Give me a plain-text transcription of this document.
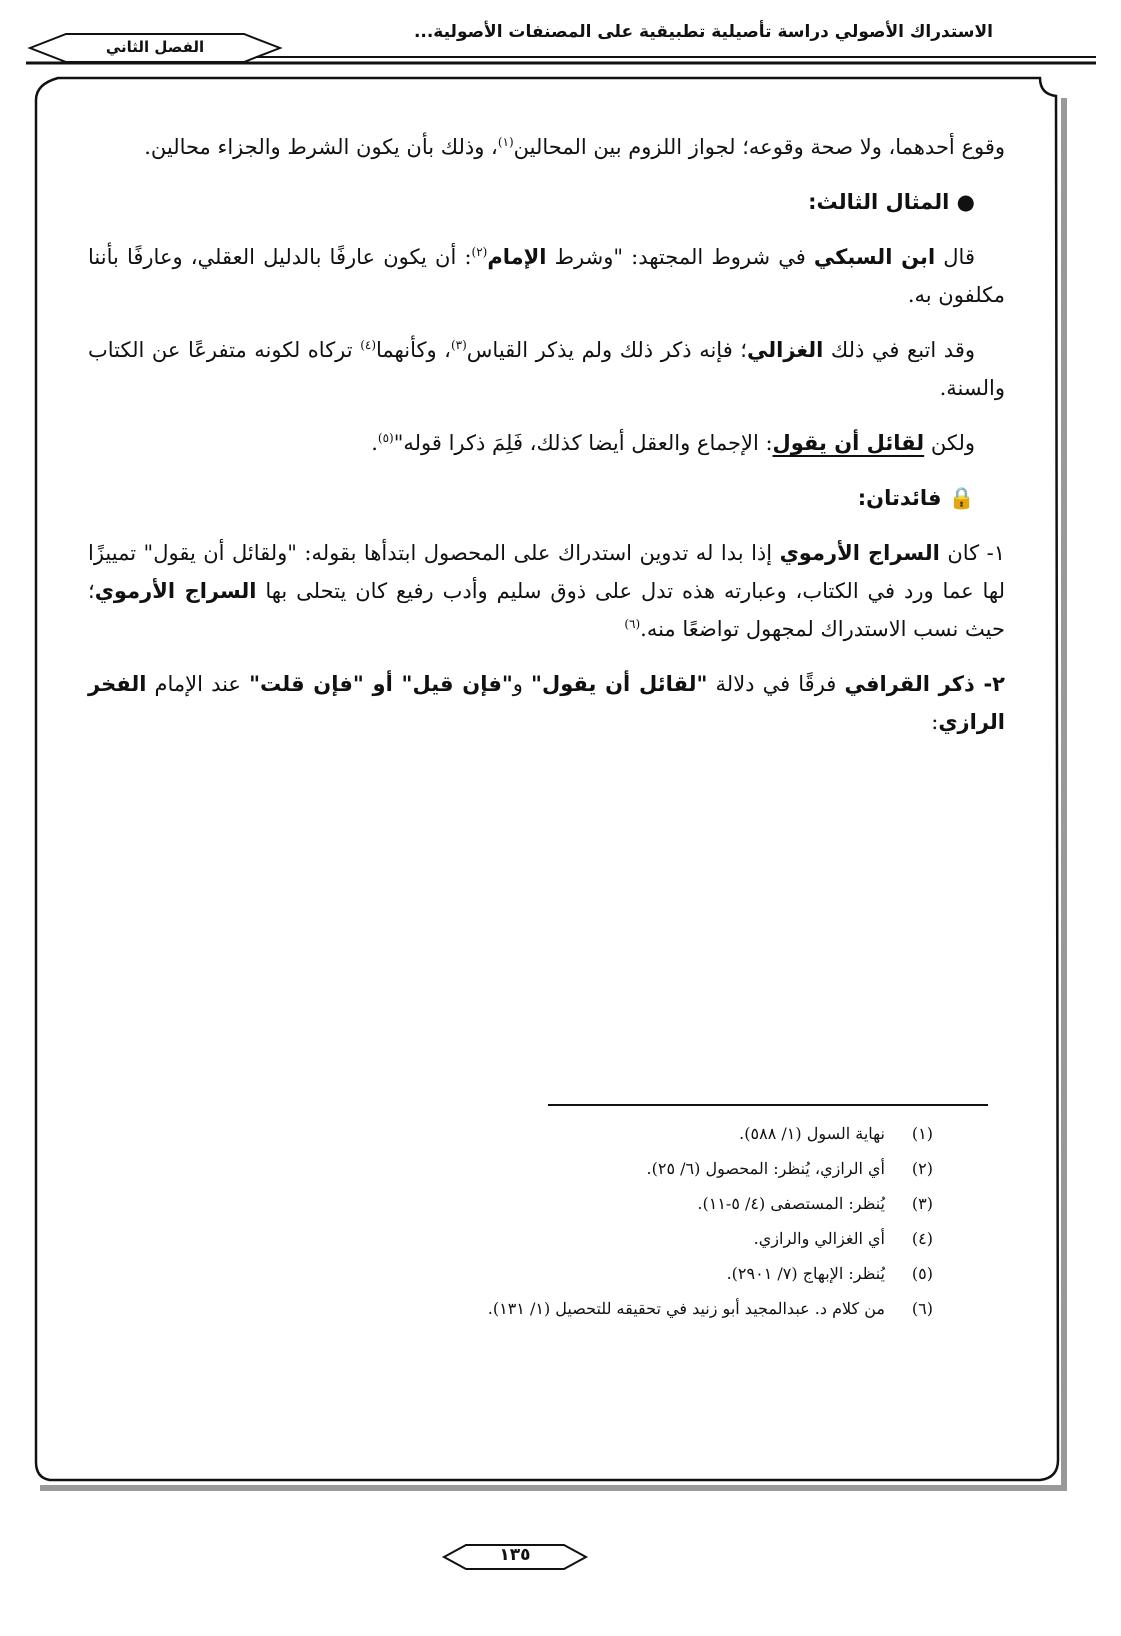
الاستدراك الأصولي دراسة تأصيلية تطبيقية على المصنفات الأصولية...
الفصل الثاني

وقوع أحدهما، ولا صحة وقوعه؛ لجواز اللزوم بين المحالين$^{(١)}$، وذلك بأن يكون الشرط والجزاء محالين.

● المثال الثالث:

قال ابن السبكي في شروط المجتهد: "وشرط الإمام$^{(٢)}$: أن يكون عارفًا بالدليل العقلي، وعارفًا بأننا مكلفون به.

وقد اتبع في ذلك الغزالي؛ فإنه ذكر ذلك ولم يذكر القياس$^{(٣)}$، وكأنهما$^{(٤)}$ تركاه لكونه متفرعًا عن الكتاب والسنة.

ولكن لقائل أن يقول: الإجماع والعقل أيضا كذلك، فَلِمَ ذكرا قوله"$^{(٥)}$.

🔒 فائدتان:

١- كان السراج الأرموي إذا بدا له تدوين استدراك على المحصول ابتدأها بقوله: "ولقائل أن يقول" تمييزًا لها عما ورد في الكتاب، وعبارته هذه تدل على ذوق سليم وأدب رفيع كان يتحلى بها السراج الأرموي؛ حيث نسب الاستدراك لمجهول تواضعًا منه.$^{(٦)}$

٢- ذكر القرافي فرقًا في دلالة "لقائل أن يقول" و"فإن قيل" أو "فإن قلت" عند الإمام الفخر الرازي:

(١)نهاية السول (١/ ٥٨٨).
(٢)أي الرازي، يُنظر: المحصول (٦/ ٢٥).
(٣)يُنظر: المستصفى (٤/ ٥-١١).
(٤)أي الغزالي والرازي.
(٥)يُنظر: الإبهاج (٧/ ٢٩٠١).
(٦)من كلام د. عبدالمجيد أبو زنيد في تحقيقه للتحصيل (١/ ١٣١).
١٣٥
